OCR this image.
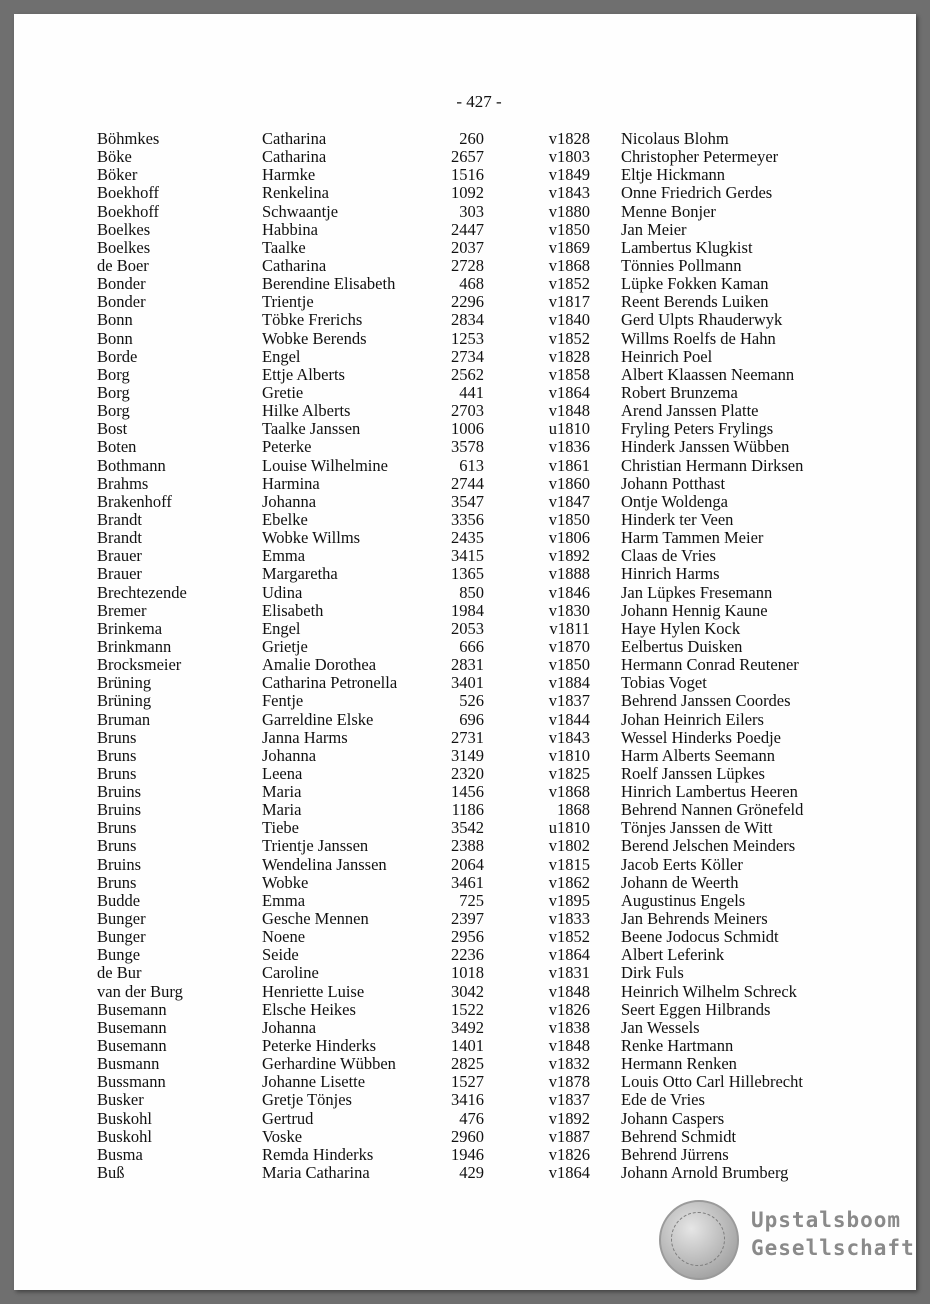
- 427 -
Böhmkes	Catharina	260	v1828 Nicolaus Blohm
Böke	Catharina	2657	v1803 Christopher Petermeyer
Böker	Harmke	1516	v1849 Eltje Hickmann
Boekhoff	Renkelina	1092	v1843 Onne Friedrich Gerdes
Boekhoff	Schwaantje	303	v1880 Menne Bonjer
Boelkes	Habbina	2447	v1850 Jan Meier
Boelkes	Taalke	2037	v1869 Lambertus Klugkist
de Boer	Catharina	2728	v1868 Tönnies Pollmann
Bonder	Berendine Elisabeth	468	v1852 Lüpke Fokken Kaman
Bonder	Trientje	2296	v1817 Reent Berends Luiken
Bonn	Töbke Frerichs	2834	v1840 Gerd Ulpts Rhauderwyk
Bonn	Wobke Berends	1253	v1852 Willms Roelfs de Hahn
Borde	Engel	2734	v1828 Heinrich Poel
Borg	Ettje Alberts	2562	v1858 Albert Klaassen Neemann
Borg	Gretie	441	v1864 Robert Brunzema
Borg	Hilke Alberts	2703	v1848 Arend Janssen Platte
Bost	Taalke Janssen	1006	u1810 Fryling Peters Frylings
Boten	Peterke	3578	v1836 Hinderk Janssen Wübben
Bothmann	Louise Wilhelmine	613	v1861 Christian Hermann Dirksen
Brahms	Harmina	2744	v1860 Johann Potthast
Brakenhoff	Johanna	3547	v1847 Ontje Woldenga
Brandt	Ebelke	3356	v1850 Hinderk ter Veen
Brandt	Wobke Willms	2435	v1806 Harm Tammen Meier
Brauer	Emma	3415	v1892 Claas de Vries
Brauer	Margaretha	1365	v1888 Hinrich Harms
Brechtezende	Udina	850	v1846 Jan Lüpkes Fresemann
Bremer	Elisabeth	1984	v1830 Johann Hennig Kaune
Brinkema	Engel	2053	v1811 Haye Hylen Kock
Brinkmann	Grietje	666	v1870 Eelbertus Duisken
Brocksmeier	Amalie Dorothea	2831	v1850 Hermann Conrad Reutener
Brüning	Catharina Petronella	3401	v1884 Tobias Voget
Brüning	Fentje	526	v1837 Behrend Janssen Coordes
Bruman	Garreldine Elske	696	v1844 Johan Heinrich Eilers
Bruns	Janna Harms	2731	v1843 Wessel Hinderks Poedje
Bruns	Johanna	3149	v1810 Harm Alberts Seemann
Bruns	Leena	2320	v1825 Roelf Janssen Lüpkes
Bruins	Maria	1456	v1868 Hinrich Lambertus Heeren
Bruins	Maria	1186	1868 Behrend Nannen Grönefeld
Bruns	Tiebe	3542	u1810 Tönjes Janssen de Witt
Bruns	Trientje Janssen	2388	v1802 Berend Jelschen Meinders
Bruins	Wendelina Janssen	2064	v1815 Jacob Eerts Köller
Bruns	Wobke	3461	v1862 Johann de Weerth
Budde	Emma	725	v1895 Augustinus Engels
Bunger	Gesche Mennen	2397	v1833 Jan Behrends Meiners
Bunger	Noene	2956	v1852 Beene Jodocus Schmidt
Bunge	Seide	2236	v1864 Albert Leferink
de Bur	Caroline	1018	v1831 Dirk Fuls
van der Burg	Henriette Luise	3042	v1848 Heinrich Wilhelm Schreck
Busemann	Elsche Heikes	1522	v1826 Seert Eggen Hilbrands
Busemann	Johanna	3492	v1838 Jan Wessels
Busemann	Peterke Hinderks	1401	v1848 Renke Hartmann
Busmann	Gerhardine Wübben	2825	v1832 Hermann Renken
Bussmann	Johanne Lisette	1527	v1878 Louis Otto Carl Hillebrecht
Busker	Gretje Tönjes	3416	v1837 Ede de Vries
Buskohl	Gertrud	476	v1892 Johann Caspers
Buskohl	Voske	2960	v1887 Behrend Schmidt
Busma	Remda Hinderks	1946	v1826 Behrend Jürrens
Buß	Maria Catharina	429	v1864 Johann Arnold Brumberg
Upstalsboom
Gesellschaft
